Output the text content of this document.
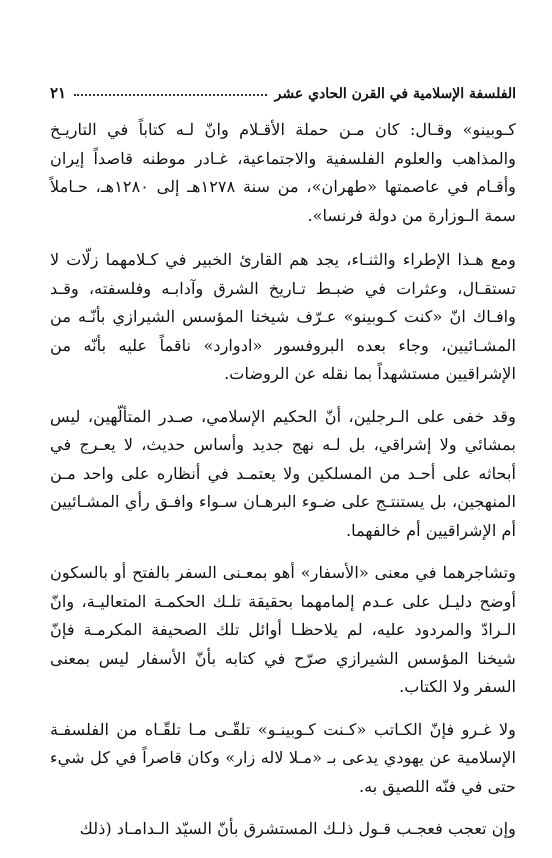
الفلسفة الإسلامية في القرن الحادي عشر
٢١

كـوبينو» وقـال: كان مـن حملة الأقـلام وانّ لـه كتاباً في التاريـخ والمذاهب والعلوم الفلسفية والاجتماعية، غـادر موطنه قاصداً إيران وأقـام في عاصمتها «طهران»، من سنة ١٢٧٨هـ إلى ١٢٨٠هـ، حـاملاً سمة الـوزارة من دولة فرنسا».

ومع هـذا الإطراء والثنـاء، يجد هم القارئ الخبير في كـلامهما زلّات لا تستقـال، وعثرات في ضبـط تـاريخ الشرق وآدابـه وفلسفته، وقـد وافـاك انّ «كنت كـوبينو» عـرّف شيخنا المؤسس الشيرازي بأنّـه من المشـائيين، وجاء بعده البروفسور «ادوارد» ناقماً عليه بأنّه من الإشراقيين مستشهداً بما نقله عن الروضات.

وقد خفى على الـرجلين، أنّ الحكيم الإسلامي، صـدر المتألّهين، ليس بمشائي ولا إشراقي، بل لـه نهج جديد وأساس حديث، لا يعـرج في أبحاثه على أحـد من المسلكين ولا يعتمـد في أنظاره على واحد مـن المنهجين، بل يستنتـج على ضـوء البرهـان سـواء وافـق رأي المشـائيين أم الإشراقيين أم خالفهما.

وتشاجرهما في معنى «الأسفار» أهو بمعـنى السفر بالفتح أو بالسكون أوضح دليـل على عـدم إلمامهما بحقيقة تلـك الحكمـة المتعاليـة، وانّ الـرادّ والمردود عليه، لم يلاحظـا أوائل تلك الصحيفة المكرمـة فإنّ شيخنا المؤسس الشيرازي صرّح في كتابه بأنّ الأسفار ليس بمعنى السفر ولا الكتاب.

ولا غـرو فإنّ الكـاتب «كـنت كـوبينـو» تلقّـى مـا تلقّـاه من الفلسفـة الإسلامية عن يهودي يدعى بـ «مـلا لاله زار» وكان قاصراً في كل شيء حتى في فنّه اللصيق به.

وإن تعجب فعجـب قـول ذلـك المستشرق بأنّ السيّد الـدامـاد (ذلك
